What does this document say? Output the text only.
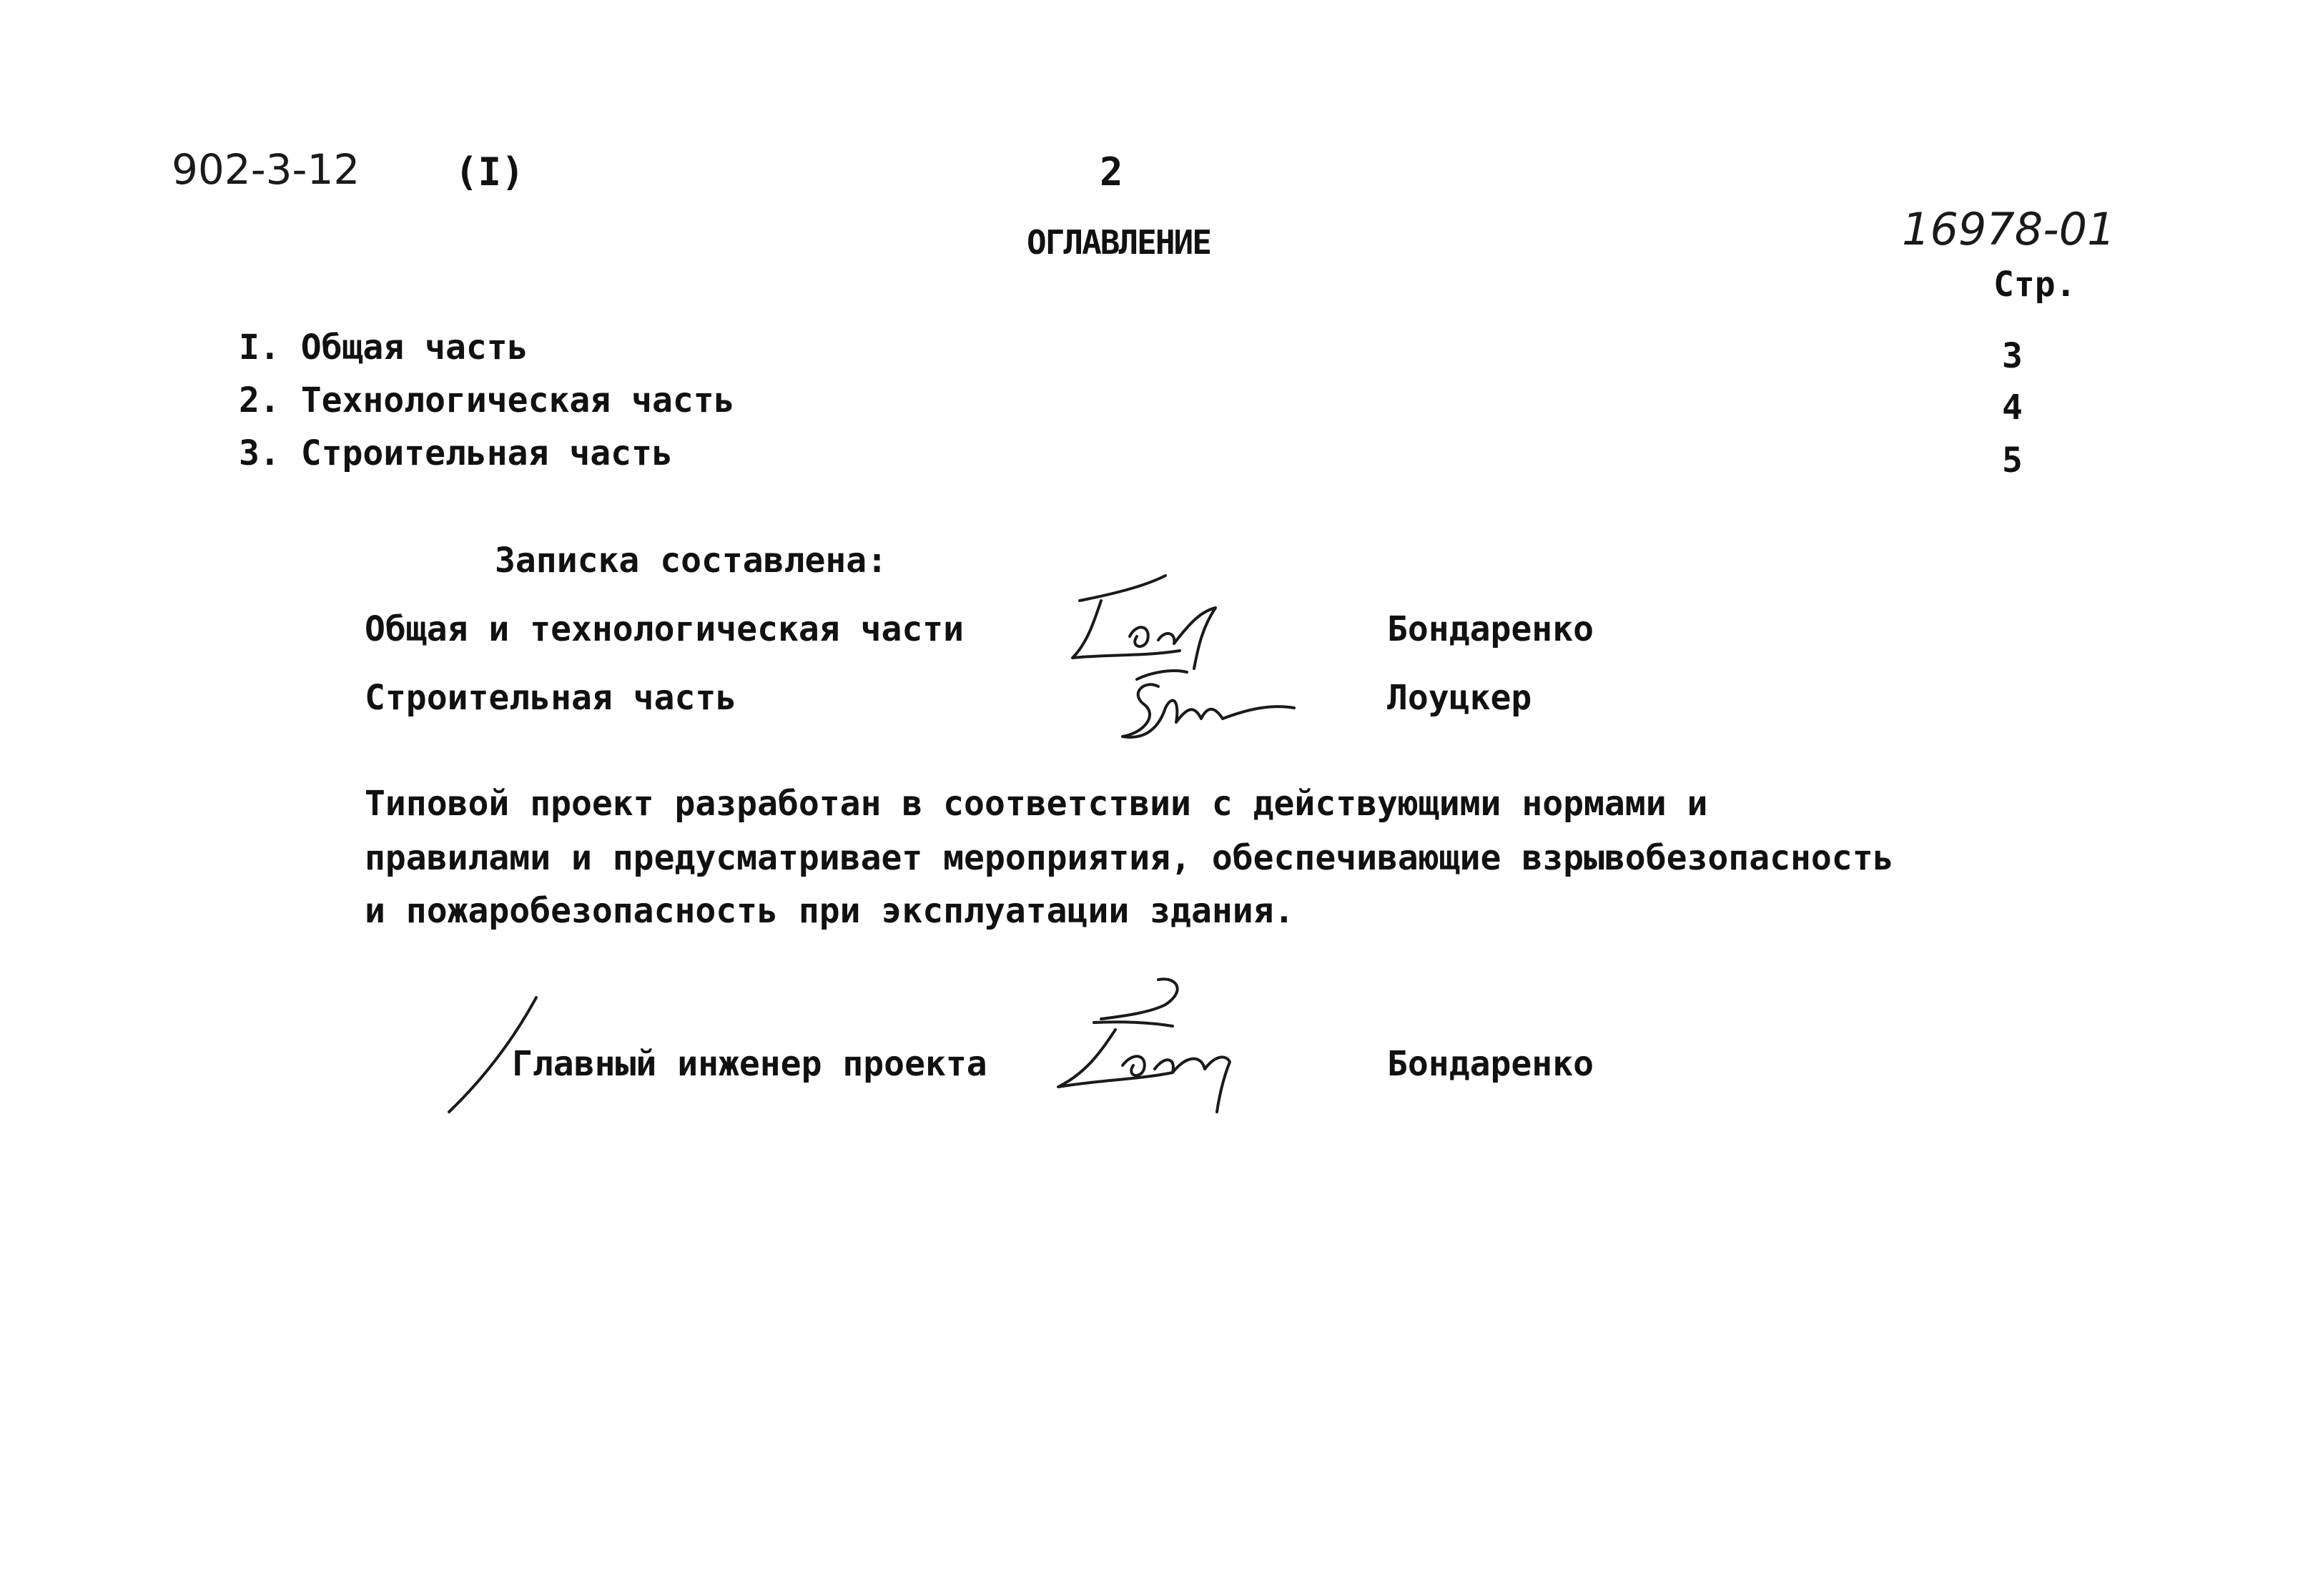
902-3-12 (I)	2
16978-01
ОГЛАВЛЕНИЕ
Стр.
I. Общая часть	3
2. Технологическая часть	4
3. Строительная часть	5
Записка составлена:
Общая и технологическая части	Бондаренко
Строительная часть	Лоуцкер
Типовой проект разработан в соответствии с действующими нормами и
правилами и предусматривает мероприятия, обеспечивающие взрывобезопасность
и пожаробезопасность при эксплуатации здания.
Главный инженер проекта	Бондаренко
